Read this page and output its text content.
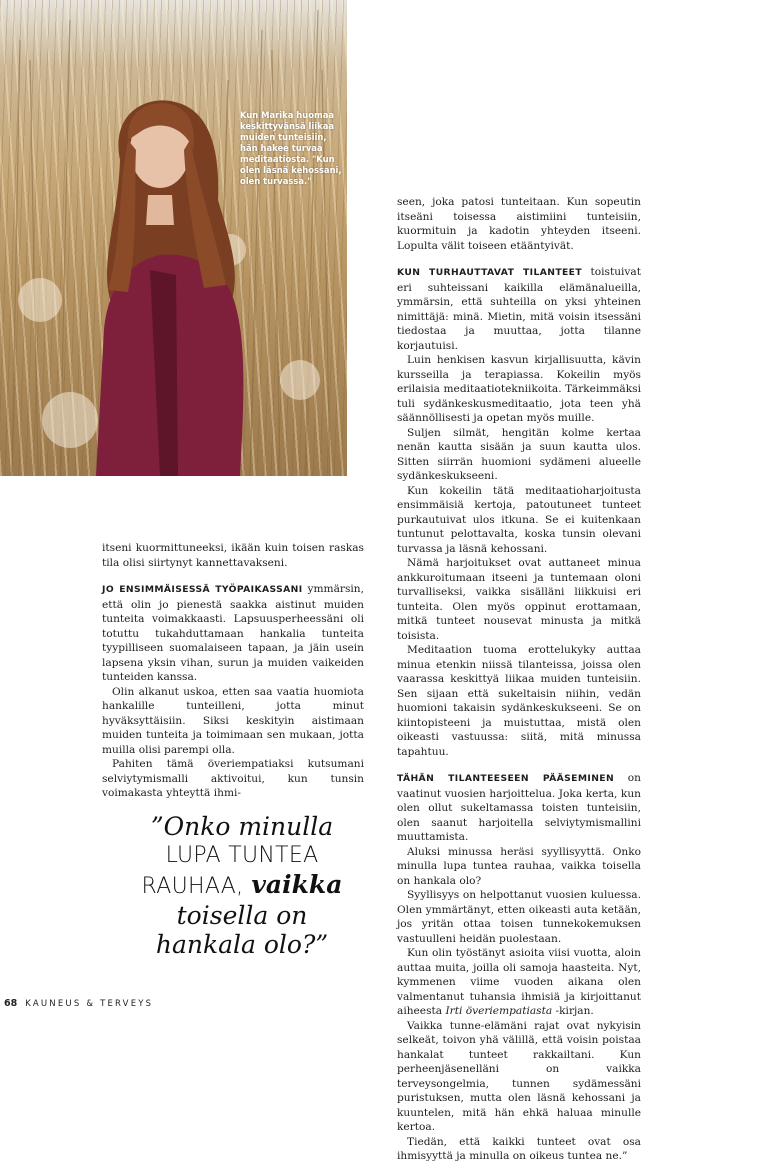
Kun Marika huomaa keskittyvänsä liikaa muiden tunteisiin, hän hakee turvaa meditaatiosta. "Kun olen läsnä kehossani, olen turvassa."

itseni kuormittuneeksi, ikään kuin toisen raskas tila olisi siirtynyt kannettavakseni.

JO ENSIMMÄISESSÄ TYÖPAIKASSANI ymmärsin, että olin jo pienestä saakka aistinut muiden tunteita voimakkaasti. Lapsuusperheessäni oli totuttu tukahduttamaan hankalia tunteita tyypilliseen suomalaiseen tapaan, ja jäin usein lapsena yksin vihan, surun ja muiden vaikeiden tunteiden kanssa.

Olin alkanut uskoa, etten saa vaatia huomiota hankalille tunteilleni, jotta minut hyväksyttäisiin. Siksi keskityin aistimaan muiden tunteita ja toimimaan sen mukaan, jotta muilla olisi parempi olla.

Pahiten tämä överiempatiaksi kutsumani selviytymismalli aktivoitui, kun tunsin voimakasta yhteyttä ihmi-

”Onko minulla
LUPA TUNTEA
RAUHAA, vaikka
toisella on
hankala olo?”

seen, joka patosi tunteitaan. Kun sopeutin itseäni toisessa aistimiini tunteisiin, kuormituin ja kadotin yhteyden itseeni. Lopulta välit toiseen etääntyivät.

KUN TURHAUTTAVAT TILANTEET toistuivat eri suhteissani kaikilla elämänalueilla, ymmärsin, että suhteilla on yksi yhteinen nimittäjä: minä. Mietin, mitä voisin itsessäni tiedostaa ja muuttaa, jotta tilanne korjautuisi.

Luin henkisen kasvun kirjallisuutta, kävin kursseilla ja terapiassa. Kokeilin myös erilaisia meditaatiotekniikoita. Tärkeimmäksi tuli sydänkeskusmeditaatio, jota teen yhä säännöllisesti ja opetan myös muille.

Suljen silmät, hengitän kolme kertaa nenän kautta sisään ja suun kautta ulos. Sitten siirrän huomioni sydämeni alueelle sydänkeskukseeni.

Kun kokeilin tätä meditaatioharjoitusta ensimmäisiä kertoja, patoutuneet tunteet purkautuivat ulos itkuna. Se ei kuitenkaan tuntunut pelottavalta, koska tunsin olevani turvassa ja läsnä kehossani.

Nämä harjoitukset ovat auttaneet minua ankkuroitumaan itseeni ja tuntemaan oloni turvalliseksi, vaikka sisälläni liikkuisi eri tunteita. Olen myös oppinut erottamaan, mitkä tunteet nousevat minusta ja mitkä toisista.

Meditaation tuoma erottelukyky auttaa minua etenkin niissä tilanteissa, joissa olen vaarassa keskittyä liikaa muiden tunteisiin. Sen sijaan että sukeltaisin niihin, vedän huomioni takaisin sydänkeskukseeni. Se on kiintopisteeni ja muistuttaa, mistä olen oikeasti vastuussa: siitä, mitä minussa tapahtuu.

TÄHÄN TILANTEESEEN PÄÄSEMINEN on vaatinut vuosien harjoittelua. Joka kerta, kun olen ollut sukeltamassa toisten tunteisiin, olen saanut harjoitella selviytymismallini muuttamista.

Aluksi minussa heräsi syyllisyyttä. Onko minulla lupa tuntea rauhaa, vaikka toisella on hankala olo?

Syyllisyys on helpottanut vuosien kuluessa. Olen ymmärtänyt, etten oikeasti auta ketään, jos yritän ottaa toisen tunnekokemuksen vastuulleni heidän puolestaan.

Kun olin työstänyt asioita viisi vuotta, aloin auttaa muita, joilla oli samoja haasteita. Nyt, kymmenen viime vuoden aikana olen valmentanut tuhansia ihmisiä ja kirjoittanut aiheesta Irti överiempatiasta -kirjan.

Vaikka tunne-elämäni rajat ovat nykyisin selkeät, toivon yhä välillä, että voisin poistaa hankalat tunteet rakkailtani. Kun perheenjäsenelläni on vaikka terveysongelmia, tunnen sydämessäni puristuksen, mutta olen läsnä kehossani ja kuuntelen, mitä hän ehkä haluaa minulle kertoa.

Tiedän, että kaikki tunteet ovat osa ihmisyyttä ja minulla on oikeus tuntea ne.”

68 KAUNEUS & TERVEYS
